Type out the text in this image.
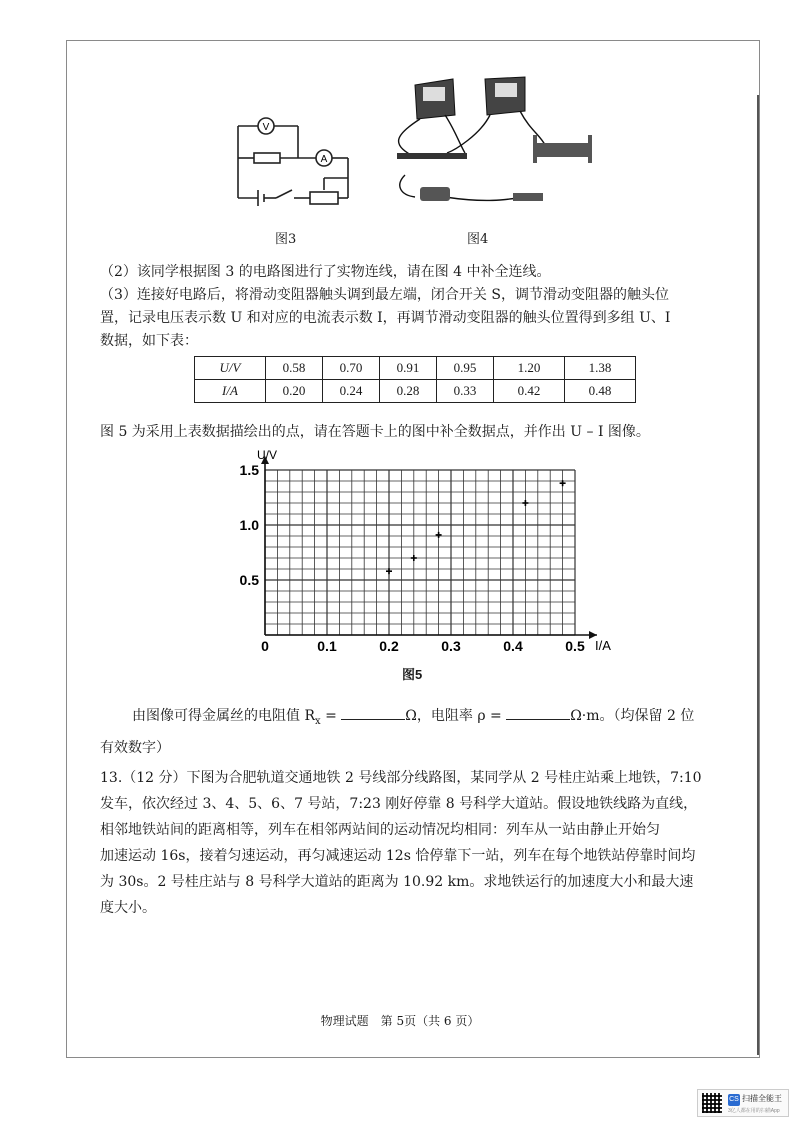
V
A
图3	图4
（2）该同学根据图 3 的电路图进行了实物连线，请在图 4 中补全连线。
（3）连接好电路后，将滑动变阻器触头调到最左端，闭合开关 S，调节滑动变阻器的触头位
置，记录电压表示数 U 和对应的电流表示数 I，再调节滑动变阻器的触头位置得到多组 U、I
数据，如下表：
U/V	0.58	0.70	0.91	0.95	1.20	1.38
I/A	0.20	0.24	0.28	0.33	0.42	0.48
图 5 为采用上表数据描绘出的点，请在答题卡上的图中补全数据点，并作出 U – I 图像。
0	0.1	0.2	0.3	0.4	0.5
0.5
1.0
1.5
I/A
U/V
图5
由图像可得金属丝的电阻值 $R_x$ =	Ω，电阻率 ρ =	Ω·m。（均保留 2 位
有效数字）
13.（12 分）下图为合肥轨道交通地铁 2 号线部分线路图，某同学从 2 号桂庄站乘上地铁，7:10
发车，依次经过 3、4、5、6、7 号站，7:23 刚好停靠 8 号科学大道站。假设地铁线路为直线，
相邻地铁站间的距离相等，列车在相邻两站间的运动情况均相同：列车从一站由静止开始匀
加速运动 16s，接着匀速运动，再匀减速运动 12s 恰停靠下一站，列车在每个地铁站停靠时间均
为 30s。2 号桂庄站与 8 号科学大道站的距离为 10.92 km。求地铁运行的加速度大小和最大速
度大小。
物理试题　第 5页（共 6 页）
CS 扫描全能王
3亿人都在用的扫描App
